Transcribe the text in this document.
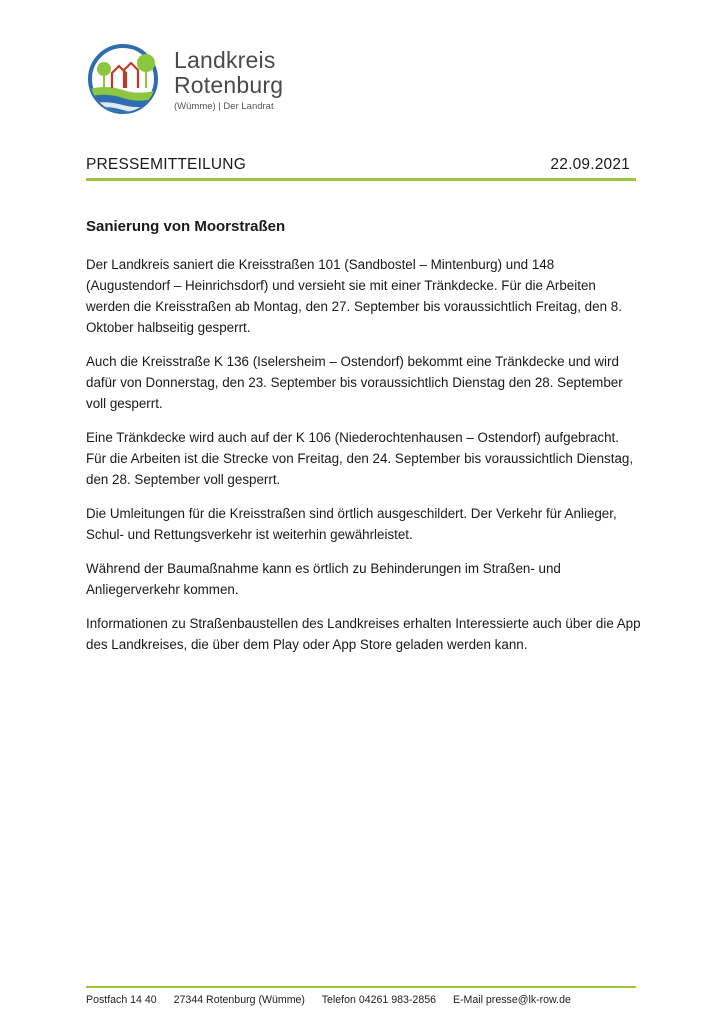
Landkreis
Rotenburg
(Wümme) | Der Landrat
PRESSEMITTEILUNG	22.09.2021
Sanierung von Moorstraßen

Der Landkreis saniert die Kreisstraßen 101 (Sandbostel – Mintenburg) und 148 (Augustendorf – Heinrichsdorf) und versieht sie mit einer Tränkdecke. Für die Arbeiten werden die Kreisstraßen ab Montag, den 27. September bis voraussichtlich Freitag, den 8. Oktober halbseitig gesperrt.

Auch die Kreisstraße K 136 (Iselersheim – Ostendorf) bekommt eine Tränkdecke und wird dafür von Donnerstag, den 23. September bis voraussichtlich Dienstag den 28. September voll gesperrt.

Eine Tränkdecke wird auch auf der K 106 (Niederochtenhausen – Ostendorf) aufgebracht. Für die Arbeiten ist die Strecke von Freitag, den 24. September bis voraussichtlich Dienstag, den 28. September voll gesperrt.

Die Umleitungen für die Kreisstraßen sind örtlich ausgeschildert. Der Verkehr für Anlieger, Schul- und Rettungsverkehr ist weiterhin gewährleistet.

Während der Baumaßnahme kann es örtlich zu Behinderungen im Straßen- und Anliegerverkehr kommen.

Informationen zu Straßenbaustellen des Landkreises erhalten Interessierte auch über die App des Landkreises, die über dem Play oder App Store geladen werden kann.

Postfach 14 40 27344 Rotenburg (Wümme) Telefon 04261 983-2856 E-Mail presse@lk-row.de
